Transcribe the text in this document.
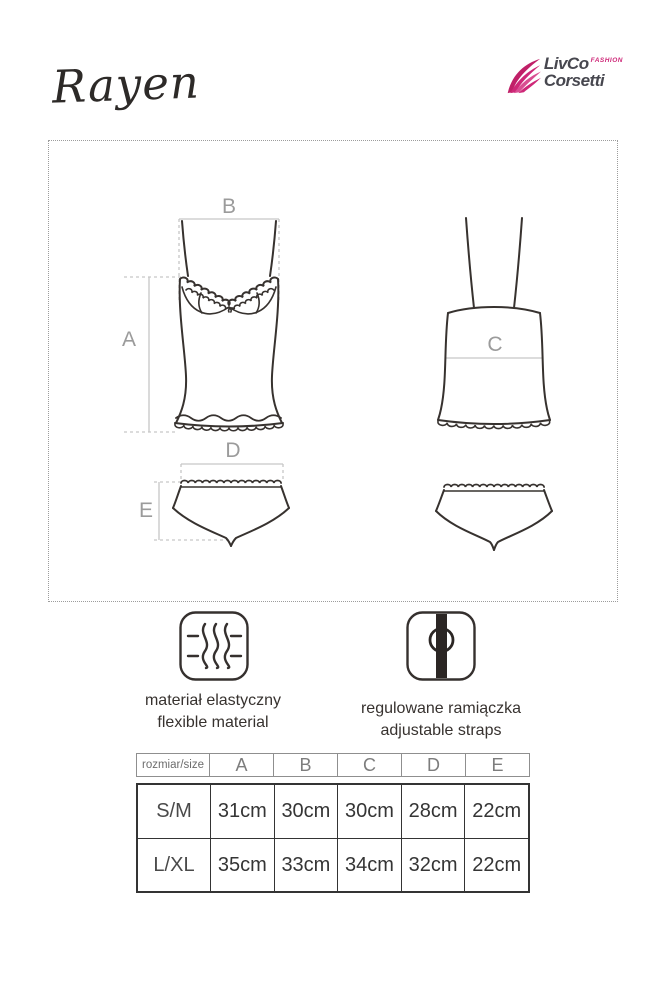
Rayen	LivCo FASHION
Corsetti
B
A	C
D
E
materiał elastyczny
flexible material
regulowane ramiączka
adjustable straps
rozmiar/size	A	B	C	D	E
S/M	31cm 30cm 30cm 28cm 22cm
L/XL	35cm 33cm 34cm 32cm 22cm
